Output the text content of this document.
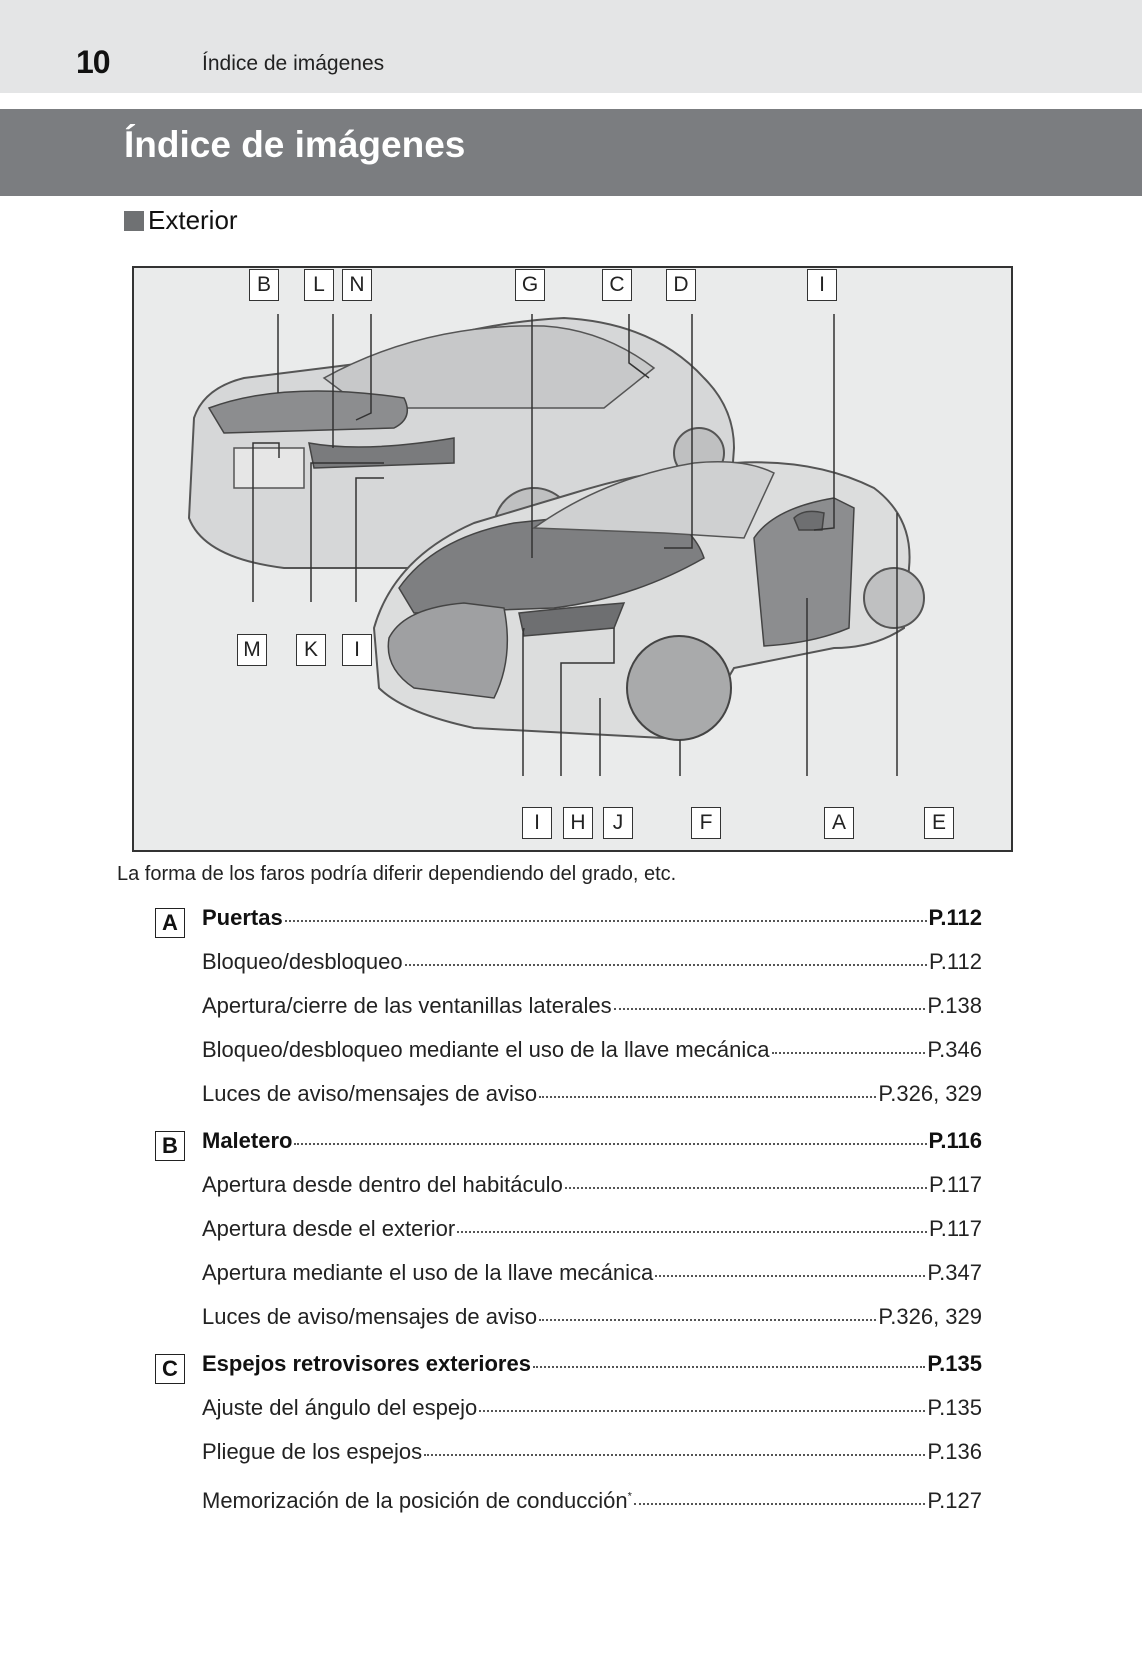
10	Índice de imágenes
Índice de imágenes
Exterior
B	L	N	G	C	D	I
M	K	I
I	H	J	F	A	E
La forma de los faros podría diferir dependiendo del grado, etc.
A	Puertas	P.112
Bloqueo/desbloqueo	P.112
Apertura/cierre de las ventanillas laterales	P.138
Bloqueo/desbloqueo mediante el uso de la llave mecánica	P.346
Luces de aviso/mensajes de aviso	P.326, 329
B	Maletero	P.116
Apertura desde dentro del habitáculo	P.117
Apertura desde el exterior	P.117
Apertura mediante el uso de la llave mecánica	P.347
Luces de aviso/mensajes de aviso	P.326, 329
C	Espejos retrovisores exteriores	P.135
Ajuste del ángulo del espejo	P.135
Pliegue de los espejos	P.136
Memorización de la posición de conducción*	P.127
